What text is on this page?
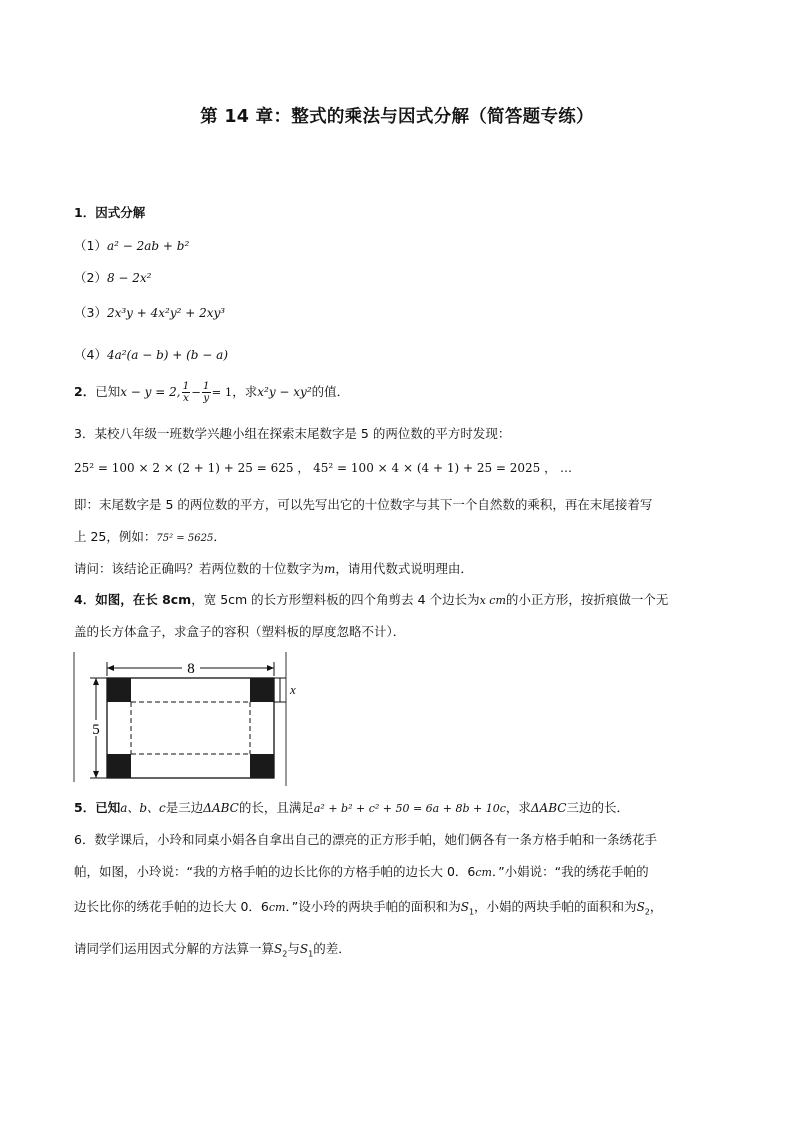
第 14 章：整式的乘法与因式分解（简答题专练）
1．因式分解
（1）a² − 2ab + b²
（2）8 − 2x²
（3）2x³y + 4x²y² + 2xy³
（4）4a²(a − b) + (b − a)
2．已知x − y = 2, $\frac{1}{x} - \frac{1}{y} = 1$，求x²y − xy²的值．
3．某校八年级一班数学兴趣小组在探索末尾数字是 5 的两位数的平方时发现：
25² = 100 × 2 × (2 + 1) + 25 = 625 ， 45² = 100 × 4 × (4 + 1) + 25 = 2025 ， …
即：末尾数字是 5 的两位数的平方，可以先写出它的十位数字与其下一个自然数的乘积，再在末尾接着写
上 25，例如：75² = 5625．
请问：该结论正确吗？若两位数的十位数字为m，请用代数式说明理由．
4．如图，在长 8cm，宽 5cm 的长方形塑料板的四个角剪去 4 个边长为x cm的小正方形，按折痕做一个无
盖的长方体盒子，求盒子的容积（塑料板的厚度忽略不计）．
8
5
x
5．已知a、b、c是三边ΔABC的长，且满足a² + b² + c² + 50 = 6a + 8b + 10c，求ΔABC三边的长．
6．数学课后，小玲和同桌小娟各自拿出自己的漂亮的正方形手帕，她们俩各有一条方格手帕和一条绣花手
帕，如图，小玲说：“我的方格手帕的边长比你的方格手帕的边长大 0．6cm．”小娟说：“我的绣花手帕的
边长比你的绣花手帕的边长大 0．6cm．”设小玲的两块手帕的面积和为$S_1$，小娟的两块手帕的面积和为$S_2$，
请同学们运用因式分解的方法算一算$S_2$与$S_1$的差．
